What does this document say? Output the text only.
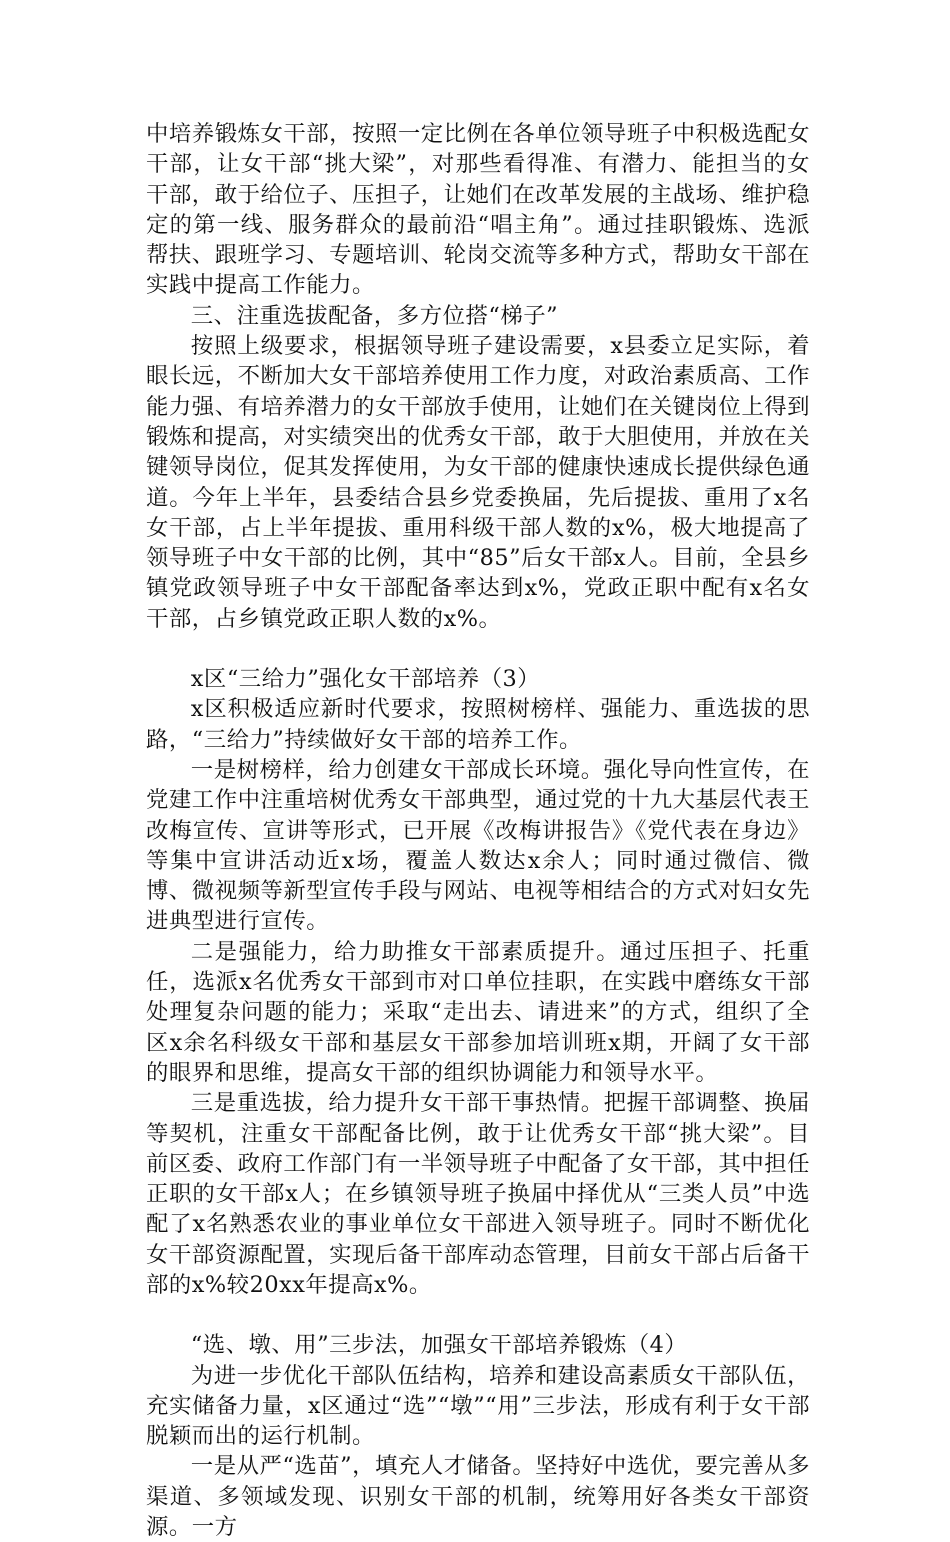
中培养锻炼女干部，按照一定比例在各单位领导班子中积极选配女干部，让女干部“挑大梁”，对那些看得准、有潜力、能担当的女干部，敢于给位子、压担子，让她们在改革发展的主战场、维护稳定的第一线、服务群众的最前沿“唱主角”。通过挂职锻炼、选派帮扶、跟班学习、专题培训、轮岗交流等多种方式，帮助女干部在实践中提高工作能力。

三、注重选拔配备，多方位搭“梯子”

按照上级要求，根据领导班子建设需要，x县委立足实际，着眼长远，不断加大女干部培养使用工作力度，对政治素质高、工作能力强、有培养潜力的女干部放手使用，让她们在关键岗位上得到锻炼和提高，对实绩突出的优秀女干部，敢于大胆使用，并放在关键领导岗位，促其发挥使用，为女干部的健康快速成长提供绿色通道。今年上半年，县委结合县乡党委换届，先后提拔、重用了x名女干部，占上半年提拔、重用科级干部人数的x%，极大地提高了领导班子中女干部的比例，其中“85”后女干部x人。目前，全县乡镇党政领导班子中女干部配备率达到x%，党政正职中配有x名女干部，占乡镇党政正职人数的x%。

x区“三给力”强化女干部培养（3）

x区积极适应新时代要求，按照树榜样、强能力、重选拔的思路，“三给力”持续做好女干部的培养工作。

一是树榜样，给力创建女干部成长环境。强化导向性宣传，在党建工作中注重培树优秀女干部典型，通过党的十九大基层代表王改梅宣传、宣讲等形式，已开展《改梅讲报告》《党代表在身边》等集中宣讲活动近x场，覆盖人数达x余人；同时通过微信、微博、微视频等新型宣传手段与网站、电视等相结合的方式对妇女先进典型进行宣传。

二是强能力，给力助推女干部素质提升。通过压担子、托重任，选派x名优秀女干部到市对口单位挂职，在实践中磨练女干部处理复杂问题的能力；采取“走出去、请进来”的方式，组织了全区x余名科级女干部和基层女干部参加培训班x期，开阔了女干部的眼界和思维，提高女干部的组织协调能力和领导水平。

三是重选拔，给力提升女干部干事热情。把握干部调整、换届等契机，注重女干部配备比例，敢于让优秀女干部“挑大梁”。目前区委、政府工作部门有一半领导班子中配备了女干部，其中担任正职的女干部x人；在乡镇领导班子换届中择优从“三类人员”中选配了x名熟悉农业的事业单位女干部进入领导班子。同时不断优化女干部资源配置，实现后备干部库动态管理，目前女干部占后备干部的x%较20xx年提高x%。

“选、墩、用”三步法，加强女干部培养锻炼（4）

为进一步优化干部队伍结构，培养和建设高素质女干部队伍，充实储备力量，x区通过“选”“墩”“用”三步法，形成有利于女干部脱颖而出的运行机制。

一是从严“选苗”，填充人才储备。坚持好中选优，要完善从多渠道、多领域发现、识别女干部的机制，统筹用好各类女干部资源。一方
